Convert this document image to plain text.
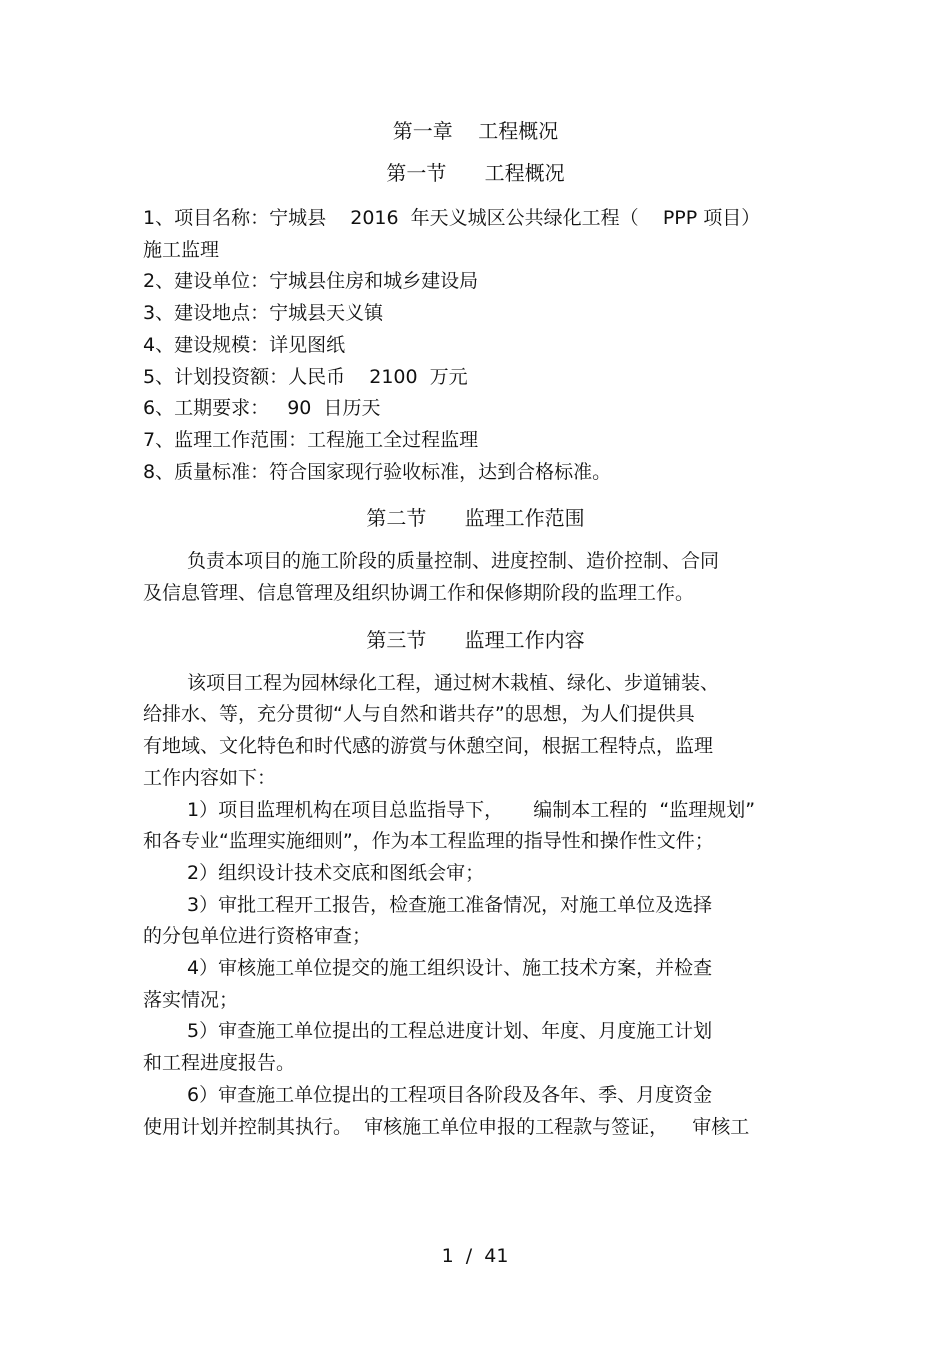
第一章    工程概况
第一节      工程概况
1、项目名称：宁城县    2016  年天义城区公共绿化工程（    PPP 项目）
施工监理
2、建设单位：宁城县住房和城乡建设局
3、建设地点：宁城县天义镇
4、建设规模：详见图纸
5、计划投资额：人民币    2100  万元
6、工期要求：   90  日历天
7、监理工作范围：工程施工全过程监理
8、质量标准：符合国家现行验收标准，达到合格标准。
第二节      监理工作范围
负责本项目的施工阶段的质量控制、进度控制、造价控制、合同
及信息管理、信息管理及组织协调工作和保修期阶段的监理工作。
第三节      监理工作内容
该项目工程为园林绿化工程，通过树木栽植、绿化、步道铺装、
给排水、等，充分贯彻“人与自然和谐共存”的思想，为人们提供具
有地域、文化特色和时代感的游赏与休憩空间，根据工程特点，监理
工作内容如下：
1）项目监理机构在项目总监指导下，     编制本工程的  “监理规划”
和各专业“监理实施细则”，作为本工程监理的指导性和操作性文件；
2）组织设计技术交底和图纸会审；
3）审批工程开工报告，检查施工准备情况，对施工单位及选择
的分包单位进行资格审查；
4）审核施工单位提交的施工组织设计、施工技术方案，并检查
落实情况；
5）审查施工单位提出的工程总进度计划、年度、月度施工计划
和工程进度报告。
6）审查施工单位提出的工程项目各阶段及各年、季、月度资金
使用计划并控制其执行。  审核施工单位申报的工程款与签证，    审核工
1  /  41
